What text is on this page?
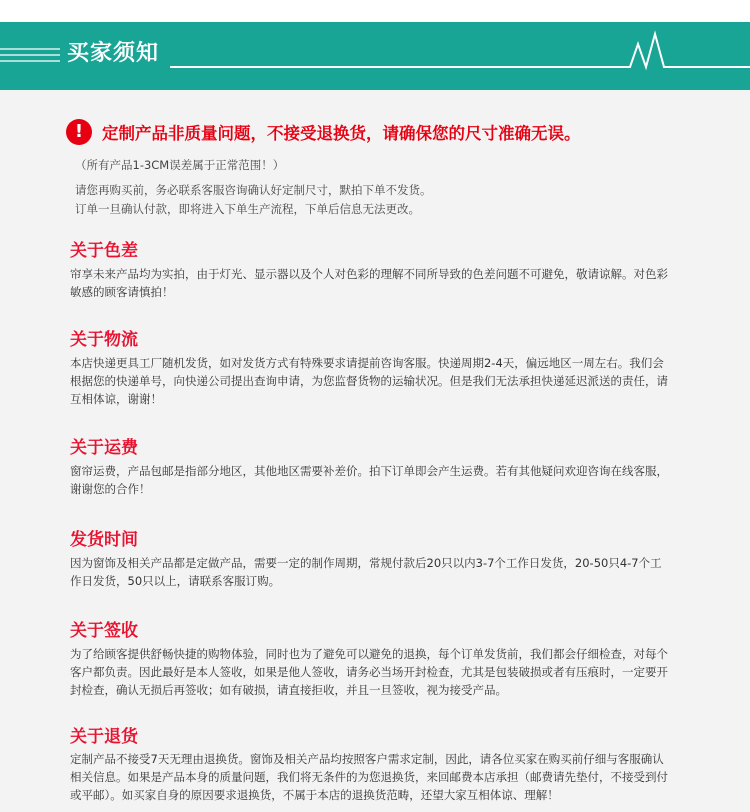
买家须知
!	定制产品非质量问题，不接受退换货，请确保您的尺寸准确无误。
（所有产品1-3CM误差属于正常范围！）
请您再购买前，务必联系客服咨询确认好定制尺寸，默拍下单不发货。
订单一旦确认付款，即将进入下单生产流程，下单后信息无法更改。
关于色差
帘享未来产品均为实拍，由于灯光、显示器以及个人对色彩的理解不同所导致的色差问题不可避免，敬请谅解。对色彩敏感的顾客请慎拍！
关于物流
本店快递更具工厂随机发货，如对发货方式有特殊要求请提前咨询客服。快递周期2-4天，偏远地区一周左右。我们会根据您的快递单号，向快递公司提出查询申请，为您监督货物的运输状况。但是我们无法承担快递延迟派送的责任，请互相体谅，谢谢！
关于运费
窗帘运费，产品包邮是指部分地区，其他地区需要补差价。拍下订单即会产生运费。若有其他疑问欢迎咨询在线客服，谢谢您的合作！
发货时间
因为窗饰及相关产品都是定做产品，需要一定的制作周期，常规付款后20只以内3-7个工作日发货，20-50只4-7个工作日发货，50只以上，请联系客服订购。
关于签收
为了给顾客提供舒畅快捷的购物体验，同时也为了避免可以避免的退换，每个订单发货前，我们都会仔细检查，对每个客户都负责。因此最好是本人签收，如果是他人签收，请务必当场开封检查，尤其是包装破损或者有压痕时，一定要开封检查，确认无损后再签收；如有破损，请直接拒收，并且一旦签收，视为接受产品。
关于退货
定制产品不接受7天无理由退换货。窗饰及相关产品均按照客户需求定制，因此，请各位买家在购买前仔细与客服确认相关信息。如果是产品本身的质量问题，我们将无条件的为您退换货，来回邮费本店承担（邮费请先垫付，不接受到付或平邮）。如买家自身的原因要求退换货，不属于本店的退换货范畴，还望大家互相体谅、理解！
